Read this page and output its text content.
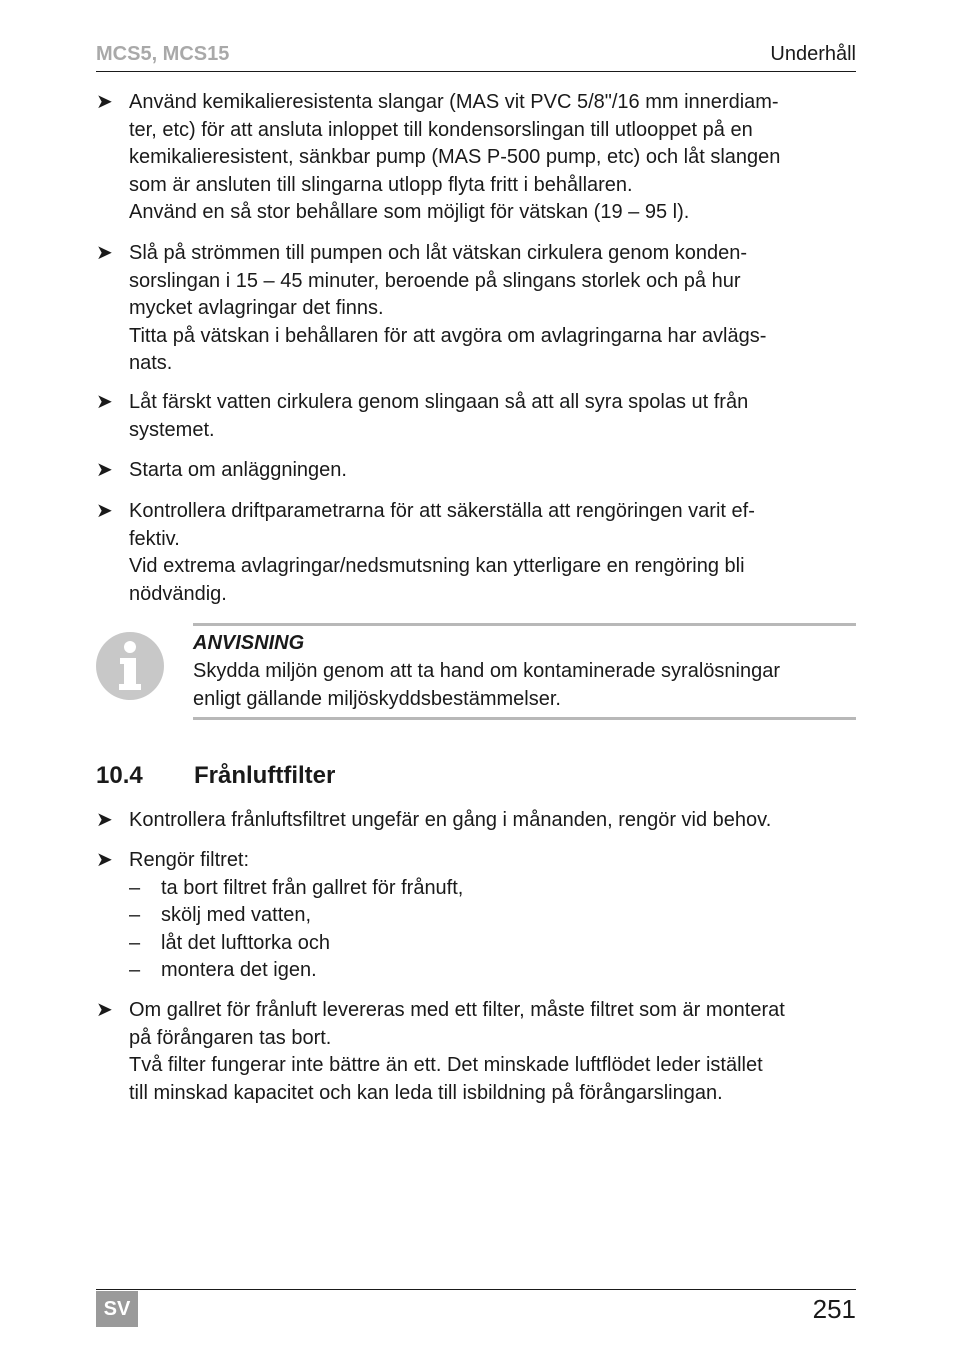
MCS5, MCS15	Underhåll
➤ Använd kemikalieresistenta slangar (MAS vit PVC 5/8"/16 mm innerdiam-
ter, etc) för att ansluta inloppet till kondensorslingan till utlooppet på en
kemikalieresistent, sänkbar pump (MAS P-500 pump, etc) och låt slangen
som är ansluten till slingarna utlopp flyta fritt i behållaren.
Använd en så stor behållare som möjligt för vätskan (19 – 95 l).
➤ Slå på strömmen till pumpen och låt vätskan cirkulera genom konden-
sorslingan i 15 – 45 minuter, beroende på slingans storlek och på hur
mycket avlagringar det finns.
Titta på vätskan i behållaren för att avgöra om avlagringarna har avlägs-
nats.
➤ Låt färskt vatten cirkulera genom slingaan så att all syra spolas ut från
systemet.
➤ Starta om anläggningen.
➤ Kontrollera driftparametrarna för att säkerställa att rengöringen varit ef-
fektiv.
Vid extrema avlagringar/nedsmutsning kan ytterligare en rengöring bli
nödvändig.
ANVISNING
Skydda miljön genom att ta hand om kontaminerade syralösningar
enligt gällande miljöskyddsbestämmelser.
10.4 Frånluftfilter
➤ Kontrollera frånluftsfiltret ungefär en gång i månanden, rengör vid behov.
➤ Rengör filtret:
– ta bort filtret från gallret för frånuft,
– skölj med vatten,
– låt det lufttorka och
– montera det igen.
➤ Om gallret för frånluft levereras med ett filter, måste filtret som är monterat
på förångaren tas bort.
Två filter fungerar inte bättre än ett. Det minskade luftflödet leder istället
till minskad kapacitet och kan leda till isbildning på förångarslingan.
SV	251
